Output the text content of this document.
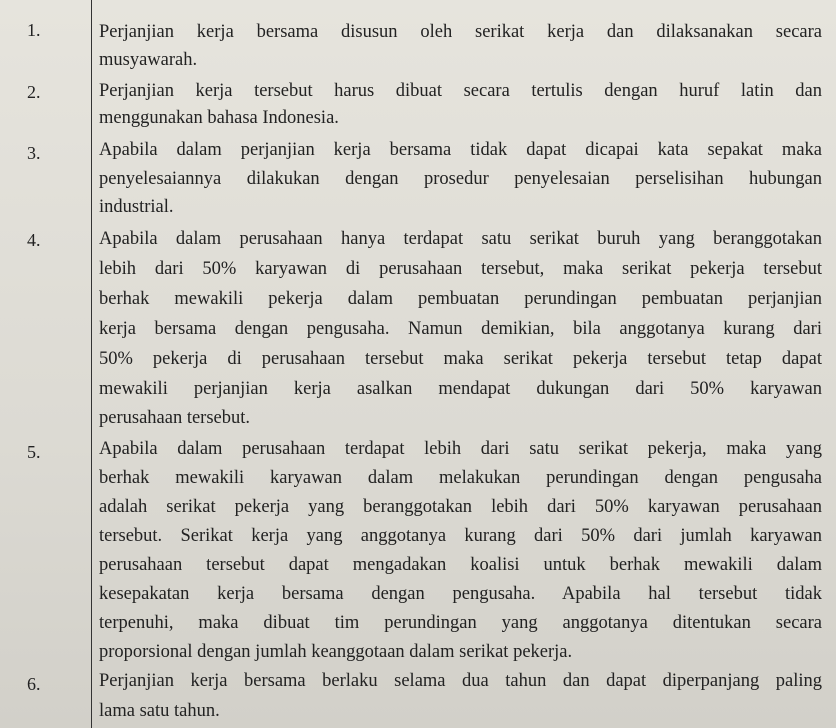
1.	Perjanjian kerja bersama disusun oleh serikat kerja dan dilaksanakan secara
musyawarah.
2.	Perjanjian kerja tersebut harus dibuat secara tertulis dengan huruf latin dan
menggunakan bahasa Indonesia.
3.	Apabila dalam perjanjian kerja bersama tidak dapat dicapai kata sepakat maka
penyelesaiannya dilakukan dengan prosedur penyelesaian perselisihan hubungan
industrial.
4.	Apabila dalam perusahaan hanya terdapat satu serikat buruh yang beranggotakan
lebih dari 50% karyawan di perusahaan tersebut, maka serikat pekerja tersebut
berhak mewakili pekerja dalam pembuatan perundingan pembuatan perjanjian
kerja bersama dengan pengusaha. Namun demikian, bila anggotanya kurang dari
50% pekerja di perusahaan tersebut maka serikat pekerja tersebut tetap dapat
mewakili perjanjian kerja asalkan mendapat dukungan dari 50% karyawan
perusahaan tersebut.
5.	Apabila dalam perusahaan terdapat lebih dari satu serikat pekerja, maka yang
berhak mewakili karyawan dalam melakukan perundingan dengan pengusaha
adalah serikat pekerja yang beranggotakan lebih dari 50% karyawan perusahaan
tersebut. Serikat kerja yang anggotanya kurang dari 50% dari jumlah karyawan
perusahaan tersebut dapat mengadakan koalisi untuk berhak mewakili dalam
kesepakatan kerja bersama dengan pengusaha. Apabila hal tersebut tidak
terpenuhi, maka dibuat tim perundingan yang anggotanya ditentukan secara
proporsional dengan jumlah keanggotaan dalam serikat pekerja.
6.	Perjanjian kerja bersama berlaku selama dua tahun dan dapat diperpanjang paling
lama satu tahun.
